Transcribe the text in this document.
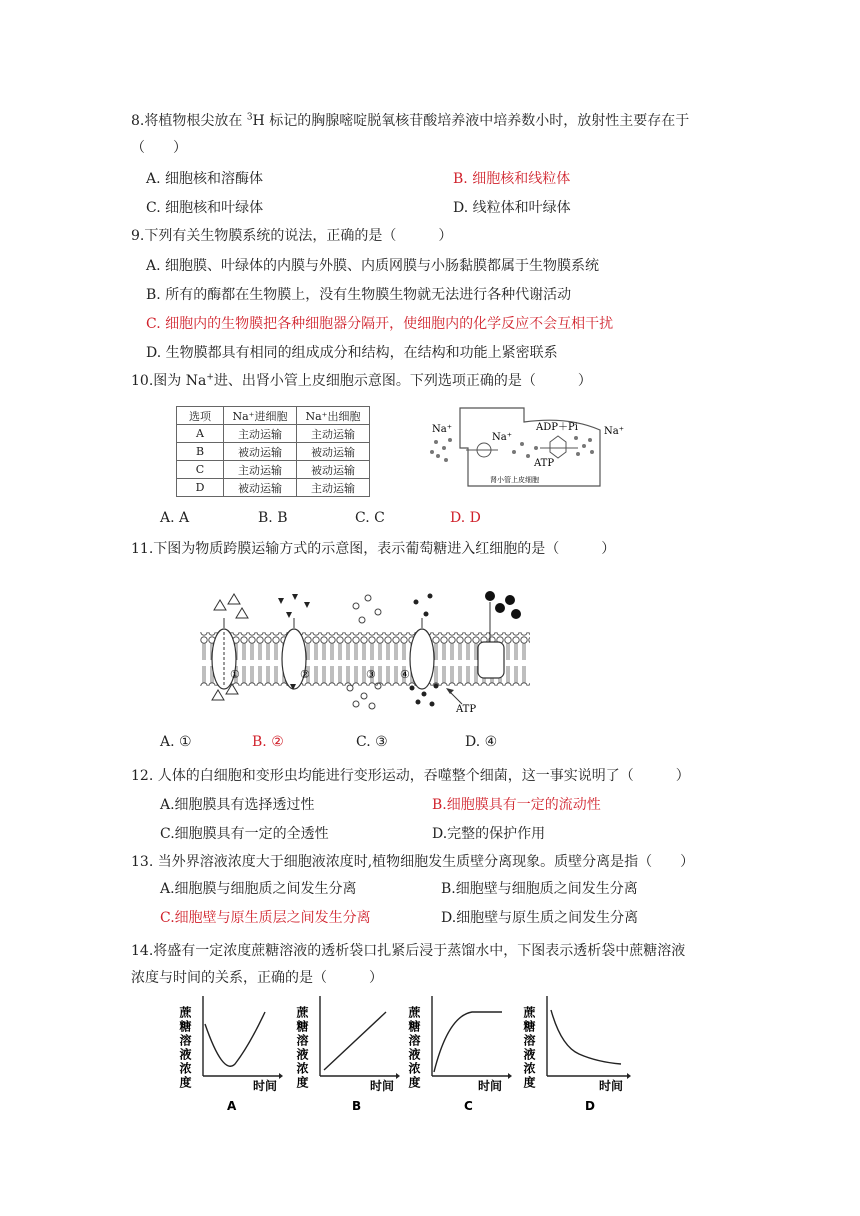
8.将植物根尖放在 $^3$H 标记的胸腺嘧啶脱氧核苷酸培养液中培养数小时，放射性主要存在于
（　　）
A. 细胞核和溶酶体	B. 细胞核和线粒体
C. 细胞核和叶绿体	D. 线粒体和叶绿体
9.下列有关生物膜系统的说法，正确的是（　　　）
A. 细胞膜、叶绿体的内膜与外膜、内质网膜与小肠黏膜都属于生物膜系统
B. 所有的酶都在生物膜上，没有生物膜生物就无法进行各种代谢活动
C. 细胞内的生物膜把各种细胞器分隔开，使细胞内的化学反应不会互相干扰
D. 生物膜都具有相同的组成成分和结构，在结构和功能上紧密联系
10.图为 Na+进、出肾小管上皮细胞示意图。下列选项正确的是（　　　）
选项	Na⁺进细胞	Na⁺出细胞
A	主动运输	主动运输
B	被动运输	被动运输
C	主动运输	被动运输
D	被动运输	主动运输
Na⁺
Na⁺
ADP＋Pi	Na⁺
ATP
肾小管上皮细胞
A. A	B. B	C. C	D. D
11.下图为物质跨膜运输方式的示意图，表示葡萄糖进入红细胞的是（　　　）
①	②	③ ④
ATP
A. ①	B. ②	C. ③	D. ④
12. 人体的白细胞和变形虫均能进行变形运动，吞噬整个细菌，这一事实说明了（　　　）
A.细胞膜具有选择透过性	B.细胞膜具有一定的流动性
C.细胞膜具有一定的全透性	D.完整的保护作用
13. 当外界溶液浓度大于细胞液浓度时,植物细胞发生质壁分离现象。质壁分离是指（　　）
A.细胞膜与细胞质之间发生分离	B.细胞壁与细胞质之间发生分离
C.细胞壁与原生质层之间发生分离	D.细胞壁与原生质之间发生分离
14.将盛有一定浓度蔗糖溶液的透析袋口扎紧后浸于蒸馏水中，下图表示透析袋中蔗糖溶液
浓度与时间的关系，正确的是（　　　）
蔗糖溶液浓度	时间
A
蔗糖溶液浓度	时间
B
蔗糖溶液浓度	时间
C
蔗糖溶液浓度	时间
D
